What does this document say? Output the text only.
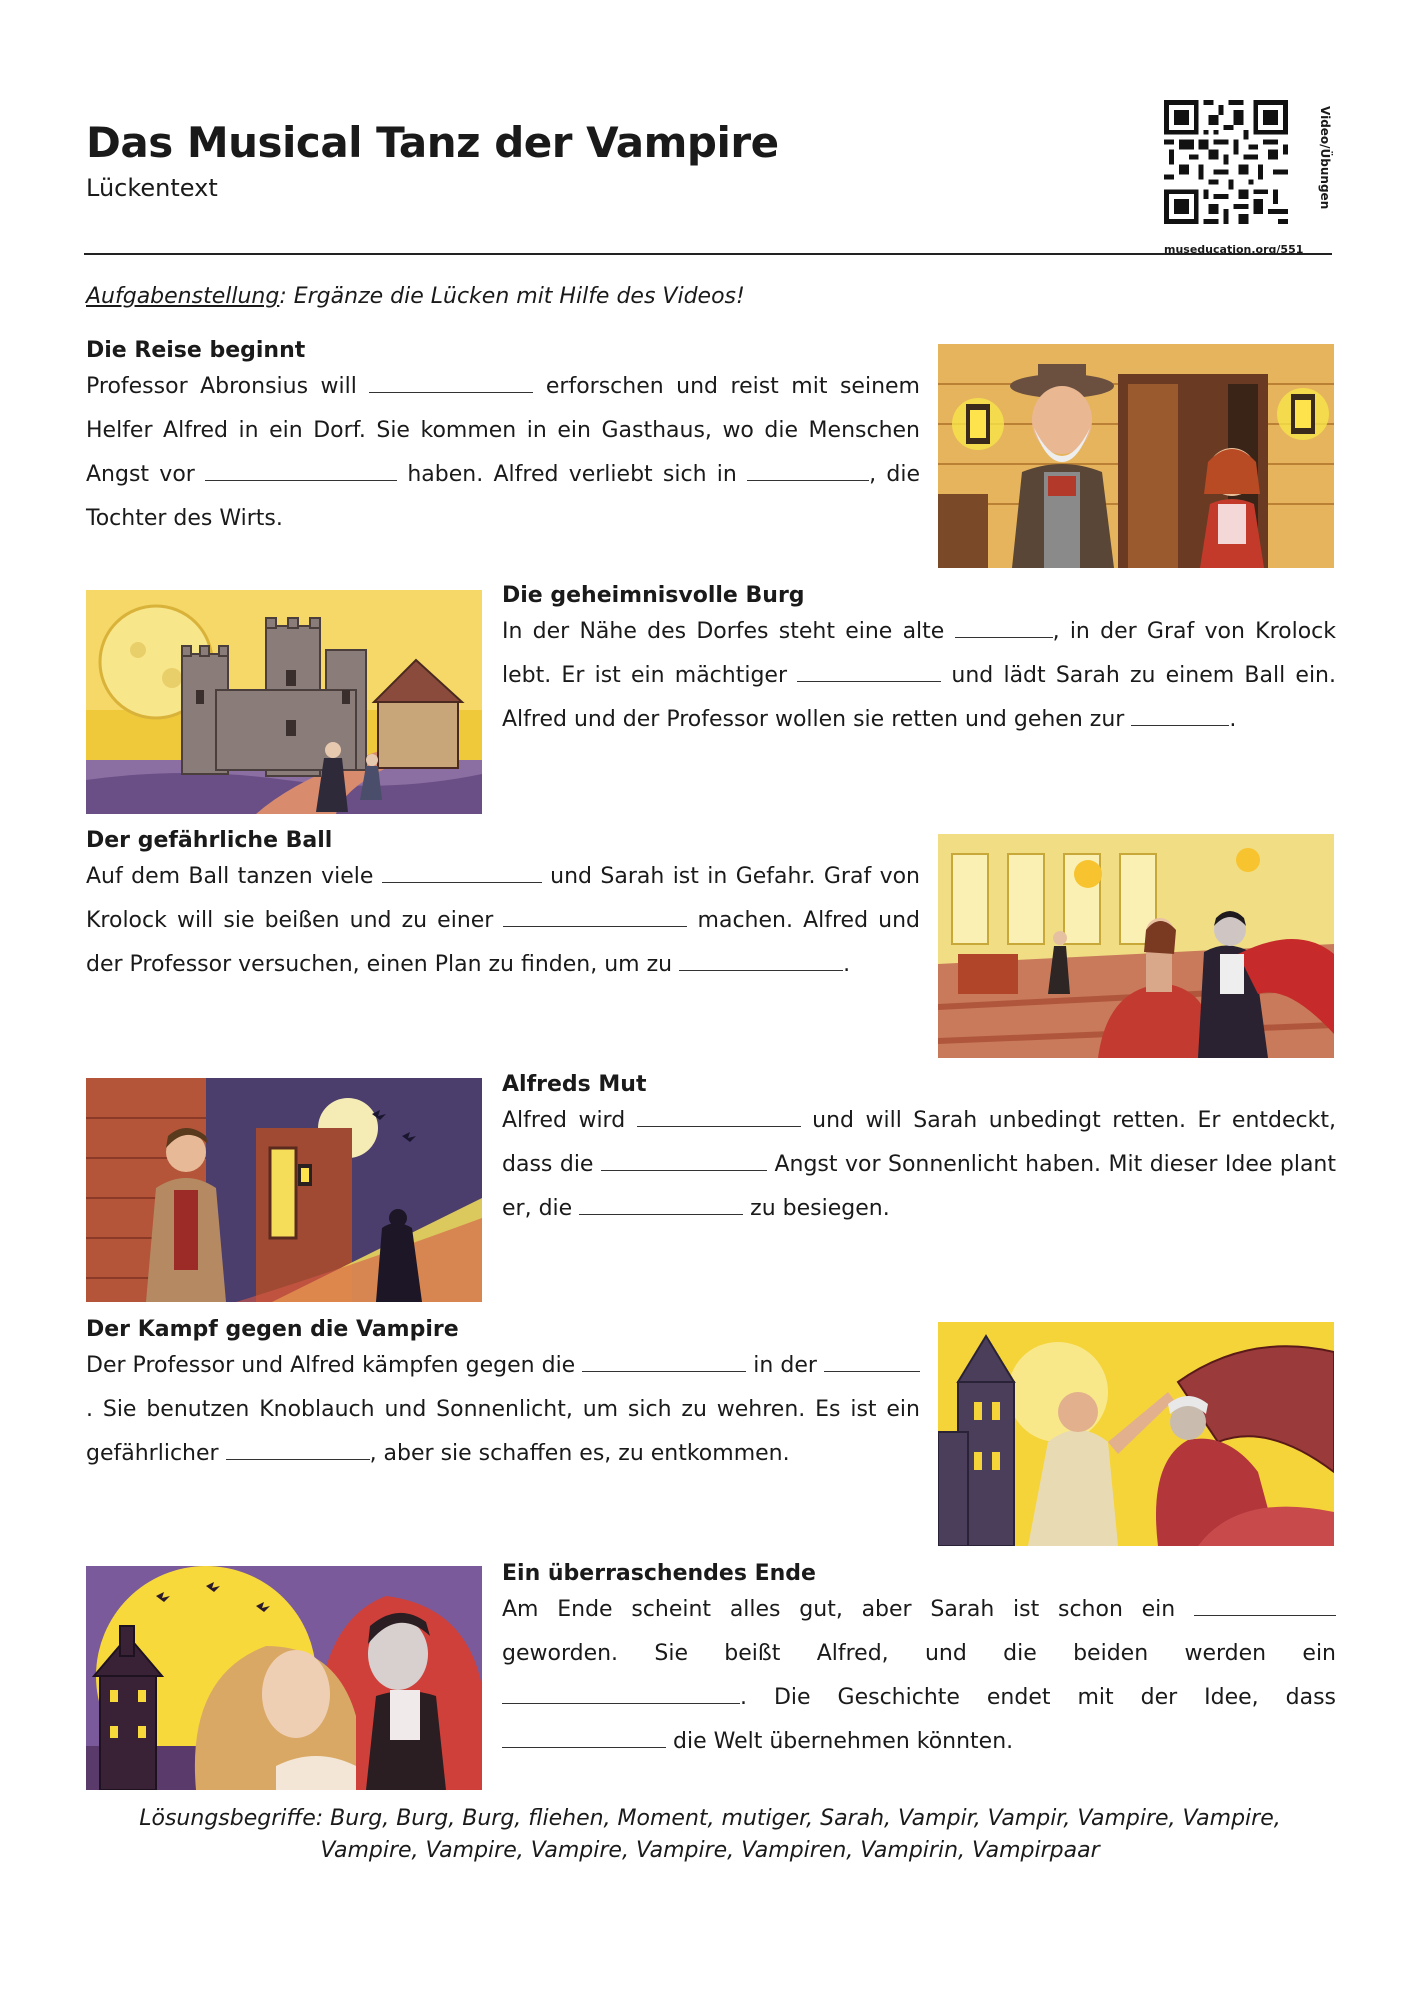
Das Musical Tanz der Vampire
Lückentext	Video/Übungen
museducation.org/551
Aufgabenstellung: Ergänze die Lücken mit Hilfe des Videos!
Die Reise beginnt

Professor Abronsius will	erforschen und reist mit seinem Helfer Alfred in ein Dorf. Sie kommen in ein Gasthaus, wo die Menschen Angst vor	haben. Alfred verliebt sich in	, die Tochter des Wirts.

Die geheimnisvolle Burg

In der Nähe des Dorfes steht eine alte	, in der Graf von Krolock lebt. Er ist ein mächtiger	und lädt Sarah zu einem Ball ein. Alfred und der Professor wollen sie retten und gehen zur	.

Der gefährliche Ball

Auf dem Ball tanzen viele	und Sarah ist in Gefahr. Graf von Krolock will sie beißen und zu einer	machen. Alfred und der Professor versuchen, einen Plan zu finden, um zu	.

Alfreds Mut

Alfred wird	und will Sarah unbedingt retten. Er entdeckt, dass die	Angst vor Sonnenlicht haben. Mit dieser Idee plant er, die	zu besiegen.

Der Kampf gegen die Vampire

Der Professor und Alfred kämpfen gegen die	in der . Sie benutzen Knoblauch und Sonnenlicht, um sich zu wehren. Es ist ein gefährlicher	, aber sie schaffen es, zu entkommen.

Ein überraschendes Ende

Am Ende scheint alles gut, aber Sarah ist schon ein  geworden. Sie beißt Alfred, und die beiden werden ein . Die Geschichte endet mit der Idee, dass  die Welt übernehmen könnten.

Lösungsbegriffe: Burg, Burg, Burg, fliehen, Moment, mutiger, Sarah, Vampir, Vampir, Vampire, Vampire,
Vampire, Vampire, Vampire, Vampire, Vampiren, Vampirin, Vampirpaar
